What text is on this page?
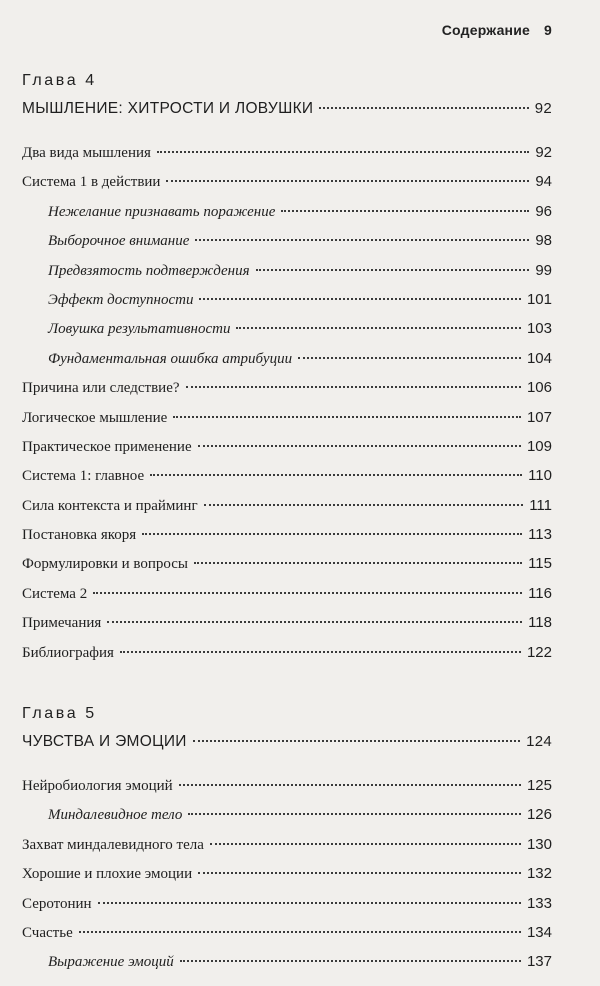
Содержание 9
Глава 4
МЫШЛЕНИЕ: ХИТРОСТИ И ЛОВУШКИ	92
Два вида мышления	92
Система 1 в действии	94
Нежелание признавать поражение	96
Выборочное внимание	98
Предвзятость подтверждения	99
Эффект доступности	101
Ловушка результативности	103
Фундаментальная ошибка атрибуции	104
Причина или следствие?	106
Логическое мышление	107
Практическое применение	109
Система 1: главное	110
Сила контекста и прайминг	111
Постановка якоря	113
Формулировки и вопросы	115
Система 2	116
Примечания	118
Библиография	122
Глава 5
ЧУВСТВА И ЭМОЦИИ	124
Нейробиология эмоций	125
Миндалевидное тело	126
Захват миндалевидного тела	130
Хорошие и плохие эмоции	132
Серотонин	133
Счастье	134
Выражение эмоций	137
